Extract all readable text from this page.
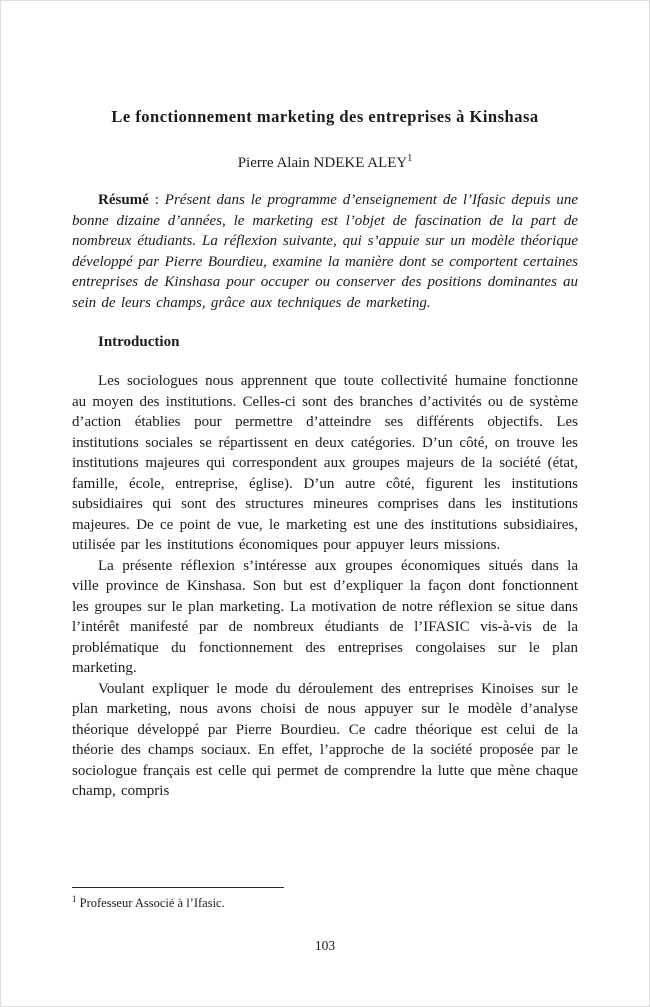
Le fonctionnement marketing des entreprises à Kinshasa
Pierre Alain NDEKE ALEY$^1$

Résumé : Présent dans le programme d’enseignement de l’Ifasic depuis une bonne dizaine d’années, le marketing est l’objet de fascination de la part de nombreux étudiants. La réflexion suivante, qui s’appuie sur un modèle théorique développé par Pierre Bourdieu, examine la manière dont se comportent certaines entreprises de Kinshasa pour occuper ou conserver des positions dominantes au sein de leurs champs, grâce aux techniques de marketing.

Introduction

Les sociologues nous apprennent que toute collectivité humaine fonctionne au moyen des institutions. Celles-ci sont des branches d’activités ou de système d’action établies pour permettre d’atteindre ses différents objectifs. Les institutions sociales se répartissent en deux catégories. D’un côté, on trouve les institutions majeures qui correspondent aux groupes majeurs de la société (état, famille, école, entreprise, église). D’un autre côté, figurent les institutions subsidiaires qui sont des structures mineures comprises dans les institutions majeures. De ce point de vue, le marketing est une des institutions subsidiaires, utilisée par les institutions économiques pour appuyer leurs missions.

La présente réflexion s’intéresse aux groupes économiques situés dans la ville province de Kinshasa. Son but est d’expliquer la façon dont fonctionnent les groupes sur le plan marketing. La motivation de notre réflexion se situe dans l’intérêt manifesté par de nombreux étudiants de l’IFASIC vis-à-vis de la problématique du fonctionnement des entreprises congolaises sur le plan marketing.

Voulant expliquer le mode du déroulement des entreprises Kinoises sur le plan marketing, nous avons choisi de nous appuyer sur le modèle d’analyse théorique développé par Pierre Bourdieu. Ce cadre théorique est celui de la théorie des champs sociaux. En effet, l’approche de la société proposée par le sociologue français est celle qui permet de comprendre la lutte que mène chaque champ, compris

$^1$ Professeur Associé à l’Ifasic.

103
